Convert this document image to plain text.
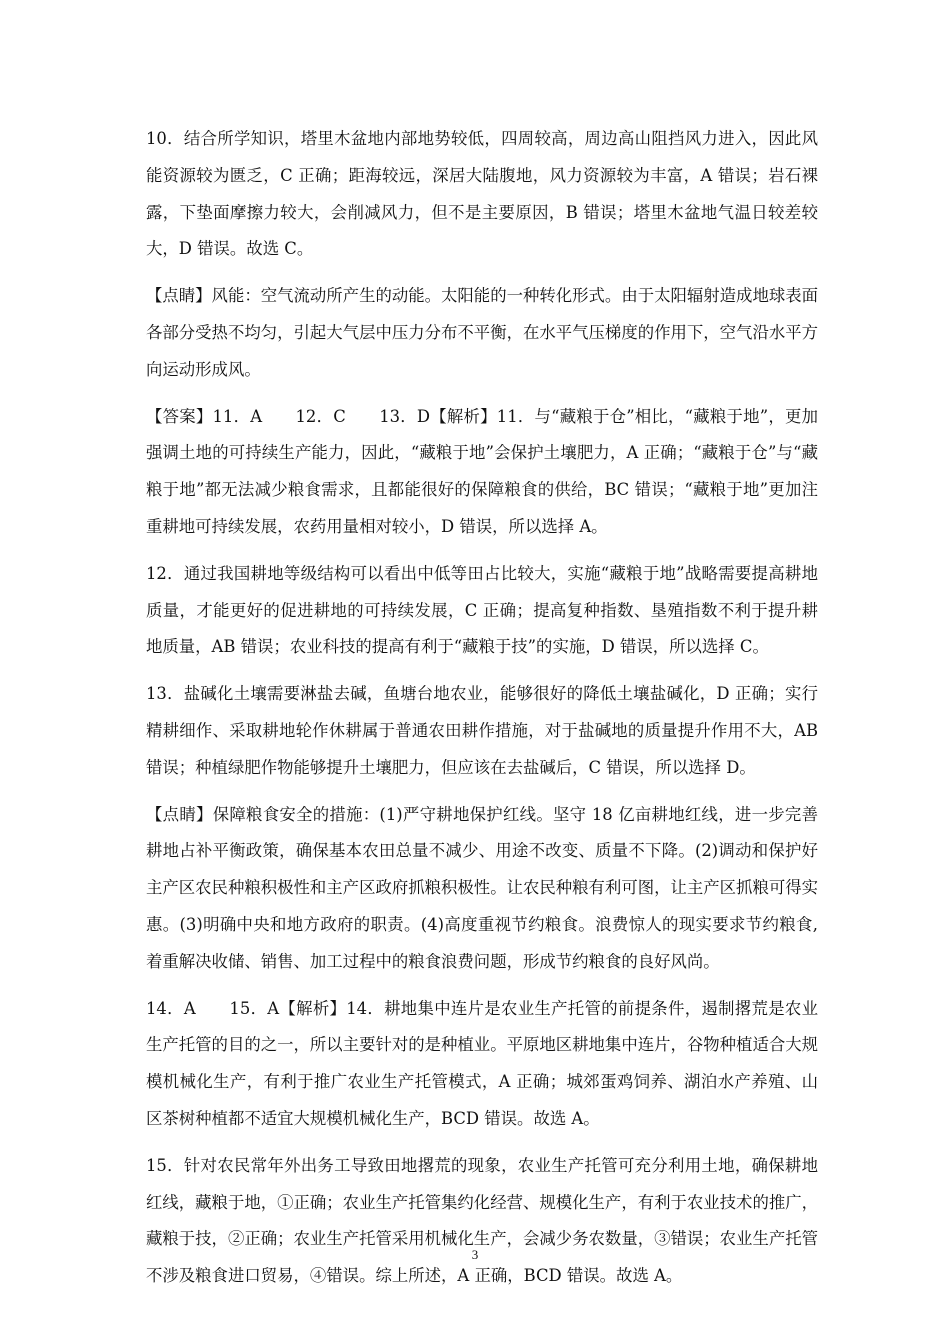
10．结合所学知识，塔里木盆地内部地势较低，四周较高，周边高山阻挡风力进入，因此风能资源较为匮乏，C 正确；距海较远，深居大陆腹地，风力资源较为丰富，A 错误；岩石裸露，下垫面摩擦力较大，会削减风力，但不是主要原因，B 错误；塔里木盆地气温日较差较大，D 错误。故选 C。

【点睛】风能：空气流动所产生的动能。太阳能的一种转化形式。由于太阳辐射造成地球表面各部分受热不均匀，引起大气层中压力分布不平衡，在水平气压梯度的作用下，空气沿水平方向运动形成风。

【答案】11．A　　12．C　　13．D【解析】11．与“藏粮于仓”相比，“藏粮于地”，更加强调土地的可持续生产能力，因此，“藏粮于地”会保护土壤肥力，A 正确；“藏粮于仓”与“藏粮于地”都无法减少粮食需求，且都能很好的保障粮食的供给，BC 错误；“藏粮于地”更加注重耕地可持续发展，农药用量相对较小，D 错误，所以选择 A。

12．通过我国耕地等级结构可以看出中低等田占比较大，实施“藏粮于地”战略需要提高耕地质量，才能更好的促进耕地的可持续发展，C 正确；提高复种指数、垦殖指数不利于提升耕地质量，AB 错误；农业科技的提高有利于“藏粮于技”的实施，D 错误，所以选择 C。

13．盐碱化土壤需要淋盐去碱，鱼塘台地农业，能够很好的降低土壤盐碱化，D 正确；实行精耕细作、采取耕地轮作休耕属于普通农田耕作措施，对于盐碱地的质量提升作用不大，AB 错误；种植绿肥作物能够提升土壤肥力，但应该在去盐碱后，C 错误，所以选择 D。

【点睛】保障粮食安全的措施：(1)严守耕地保护红线。坚守 18 亿亩耕地红线，进一步完善耕地占补平衡政策，确保基本农田总量不减少、用途不改变、质量不下降。(2)调动和保护好主产区农民种粮积极性和主产区政府抓粮积极性。让农民种粮有利可图，让主产区抓粮可得实惠。(3)明确中央和地方政府的职责。(4)高度重视节约粮食。浪费惊人的现实要求节约粮食,着重解决收储、销售、加工过程中的粮食浪费问题，形成节约粮食的良好风尚。

14．A　　15．A【解析】14．耕地集中连片是农业生产托管的前提条件，遏制撂荒是农业生产托管的目的之一，所以主要针对的是种植业。平原地区耕地集中连片，谷物种植适合大规模机械化生产，有利于推广农业生产托管模式，A 正确；城郊蛋鸡饲养、湖泊水产养殖、山区茶树种植都不适宜大规模机械化生产，BCD 错误。故选 A。

15．针对农民常年外出务工导致田地撂荒的现象，农业生产托管可充分利用土地，确保耕地红线，藏粮于地，①正确；农业生产托管集约化经营、规模化生产，有利于农业技术的推广，藏粮于技，②正确；农业生产托管采用机械化生产，会减少务农数量，③错误；农业生产托管不涉及粮食进口贸易，④错误。综上所述，A 正确，BCD 错误。故选 A。

3
